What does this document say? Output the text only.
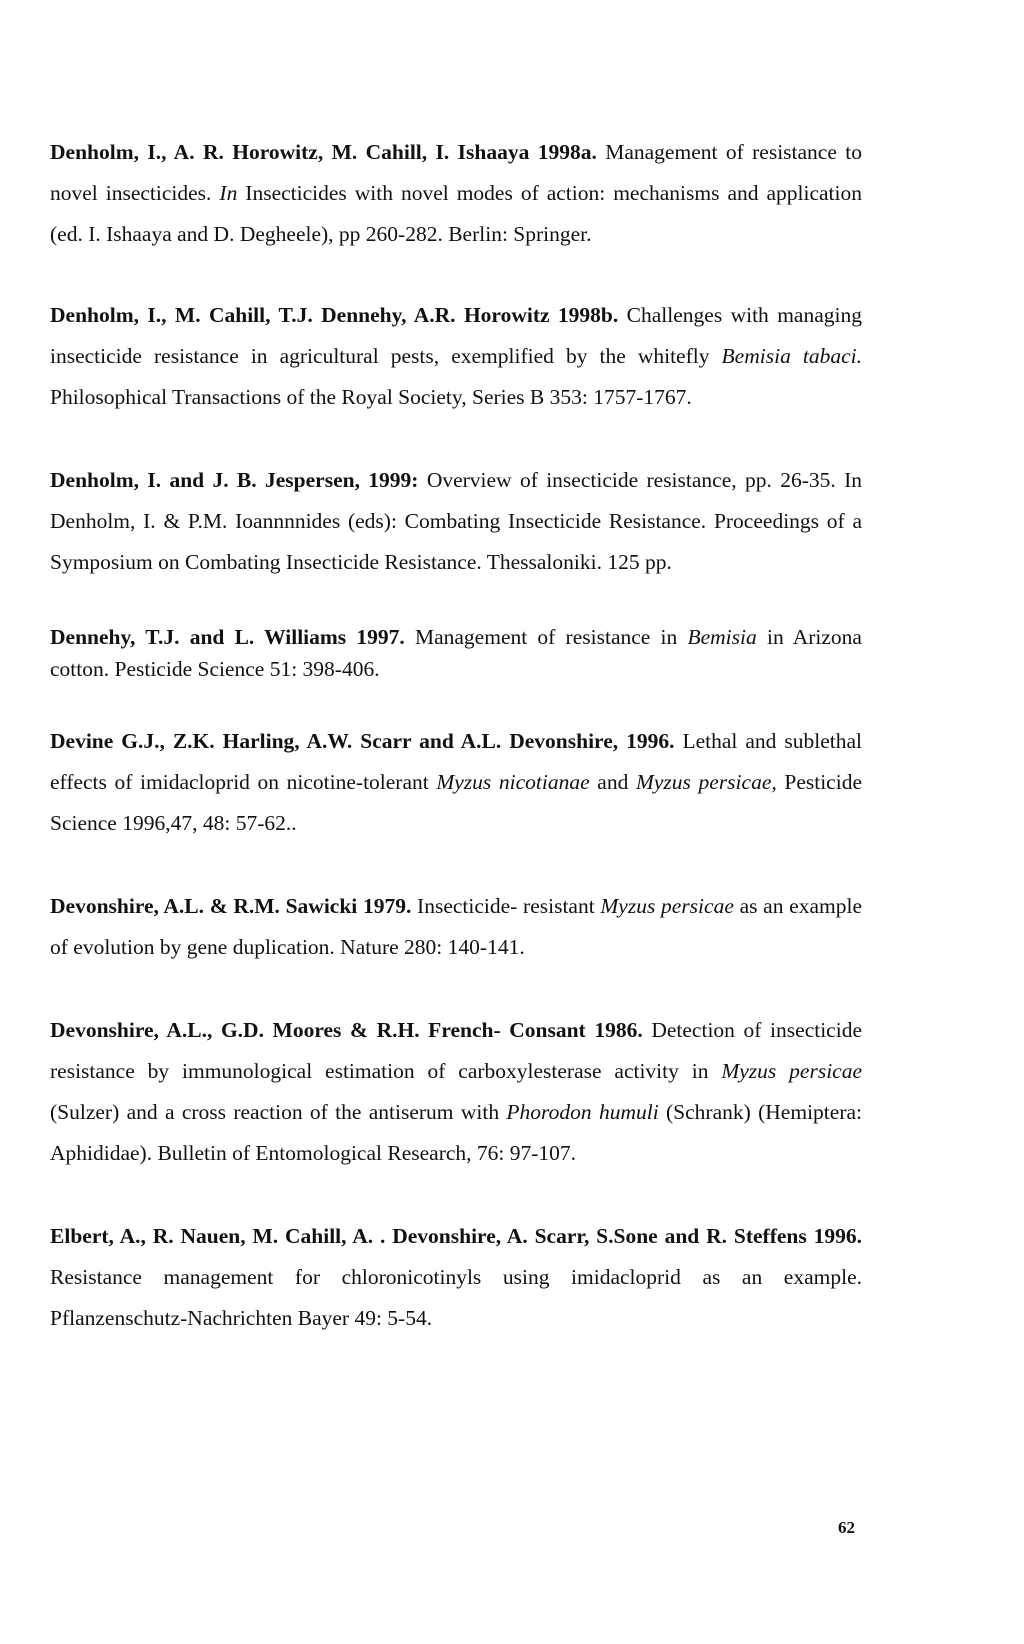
Denholm, I., A. R. Horowitz, M. Cahill, I. Ishaaya 1998a. Management of resistance to novel insecticides. In Insecticides with novel modes of action: mechanisms and application (ed. I. Ishaaya and D. Degheele), pp 260-282. Berlin: Springer.

Denholm, I., M. Cahill, T.J. Dennehy, A.R. Horowitz 1998b. Challenges with managing insecticide resistance in agricultural pests, exemplified by the whitefly Bemisia tabaci. Philosophical Transactions of the Royal Society, Series B 353: 1757-1767.

Denholm, I. and J. B. Jespersen, 1999: Overview of insecticide resistance, pp. 26-35. In Denholm, I. & P.M. Ioannnnides (eds): Combating Insecticide Resistance. Proceedings of a Symposium on Combating Insecticide Resistance. Thessaloniki. 125 pp.

Dennehy, T.J. and L. Williams 1997. Management of resistance in Bemisia in Arizona cotton. Pesticide Science 51: 398-406.

Devine G.J., Z.K. Harling, A.W. Scarr and A.L. Devonshire, 1996. Lethal and sublethal effects of imidacloprid on nicotine-tolerant Myzus nicotianae and Myzus persicae, Pesticide Science 1996,47, 48: 57-62..

Devonshire, A.L. & R.M. Sawicki 1979. Insecticide- resistant Myzus persicae as an example of evolution by gene duplication. Nature 280: 140-141.

Devonshire, A.L., G.D. Moores & R.H. French- Consant 1986. Detection of insecticide resistance by immunological estimation of carboxylesterase activity in Myzus persicae (Sulzer) and a cross reaction of the antiserum with Phorodon humuli (Schrank) (Hemiptera: Aphididae). Bulletin of Entomological Research, 76: 97-107.

Elbert, A., R. Nauen, M. Cahill, A. . Devonshire, A. Scarr, S.Sone and R. Steffens 1996. Resistance management for chloronicotinyls using imidacloprid as an example. Pflanzenschutz-Nachrichten Bayer 49: 5-54.

62
